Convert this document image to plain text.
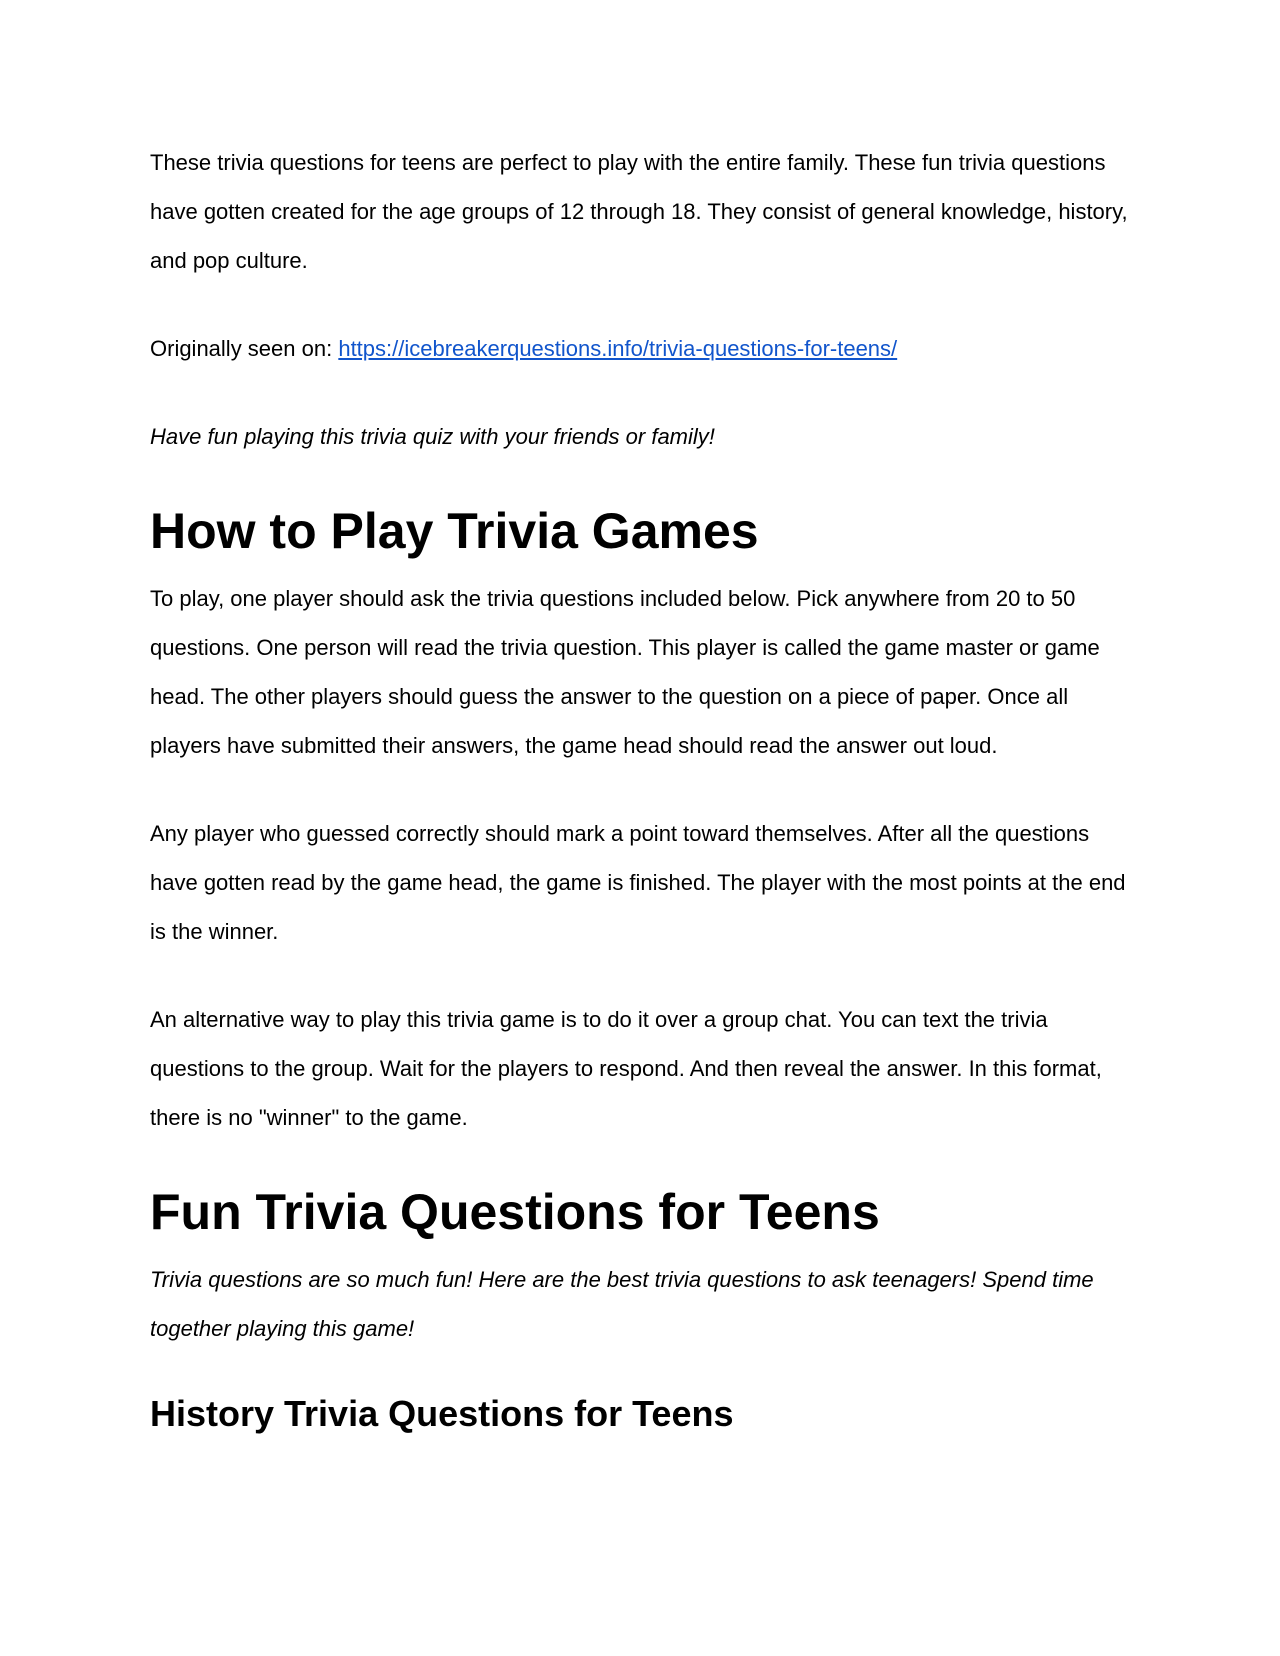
These trivia questions for teens are perfect to play with the entire family. These fun trivia questions have gotten created for the age groups of 12 through 18. They consist of general knowledge, history, and pop culture.

Originally seen on: https://icebreakerquestions.info/trivia-questions-for-teens/

Have fun playing this trivia quiz with your friends or family!

How to Play Trivia Games

To play, one player should ask the trivia questions included below. Pick anywhere from 20 to 50 questions. One person will read the trivia question. This player is called the game master or game head. The other players should guess the answer to the question on a piece of paper. Once all players have submitted their answers, the game head should read the answer out loud.

Any player who guessed correctly should mark a point toward themselves. After all the questions have gotten read by the game head, the game is finished. The player with the most points at the end is the winner.

An alternative way to play this trivia game is to do it over a group chat. You can text the trivia questions to the group. Wait for the players to respond. And then reveal the answer. In this format, there is no "winner" to the game.

Fun Trivia Questions for Teens

Trivia questions are so much fun! Here are the best trivia questions to ask teenagers! Spend time together playing this game!

History Trivia Questions for Teens
